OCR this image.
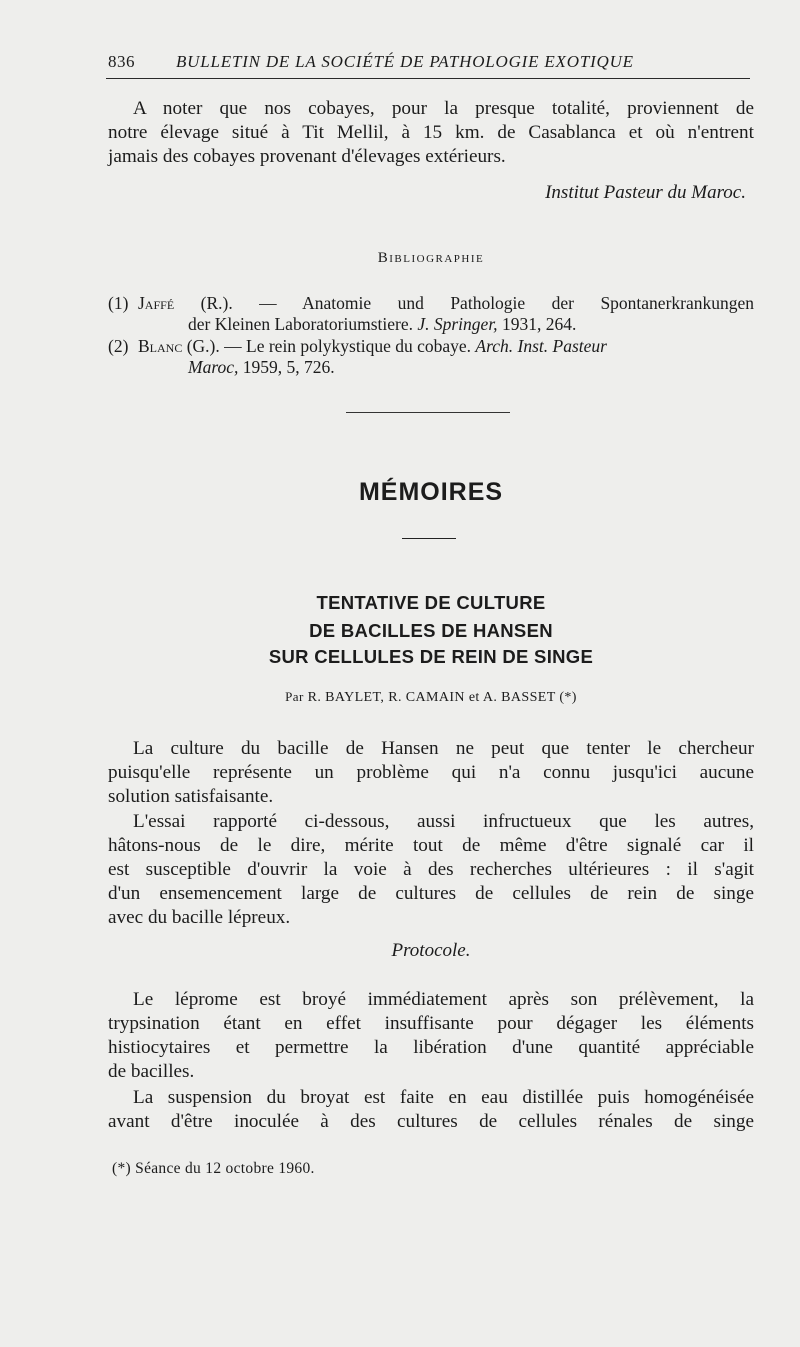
836 BULLETIN DE LA SOCIÉTÉ DE PATHOLOGIE EXOTIQUE

A noter que nos cobayes, pour la presque totalité, proviennent de

notre élevage situé à Tit Mellil, à 15 km. de Casablanca et où n'entrent

jamais des cobayes provenant d'élevages extérieurs.

Institut Pasteur du Maroc.
Bibliographie
(1) Jaffé (R.). — Anatomie und Pathologie der Spontanerkrankungen
der Kleinen Laboratoriumstiere. J. Springer, 1931, 264.
(2) Blanc (G.). — Le rein polykystique du cobaye. Arch. Inst. Pasteur
Maroc, 1959, 5, 726.
MÉMOIRES
TENTATIVE DE CULTURE
DE BACILLES DE HANSEN
SUR CELLULES DE REIN DE SINGE
Par R. BAYLET, R. CAMAIN et A. BASSET (*)

La culture du bacille de Hansen ne peut que tenter le chercheur

puisqu'elle représente un problème qui n'a connu jusqu'ici aucune

solution satisfaisante.

L'essai rapporté ci-dessous, aussi infructueux que les autres,

hâtons-nous de le dire, mérite tout de même d'être signalé car il

est susceptible d'ouvrir la voie à des recherches ultérieures : il s'agit

d'un ensemencement large de cultures de cellules de rein de singe

avec du bacille lépreux.

Protocole.

Le léprome est broyé immédiatement après son prélèvement, la

trypsination étant en effet insuffisante pour dégager les éléments

histiocytaires et permettre la libération d'une quantité appréciable

de bacilles.

La suspension du broyat est faite en eau distillée puis homogénéisée

avant d'être inoculée à des cultures de cellules rénales de singe

(*) Séance du 12 octobre 1960.
